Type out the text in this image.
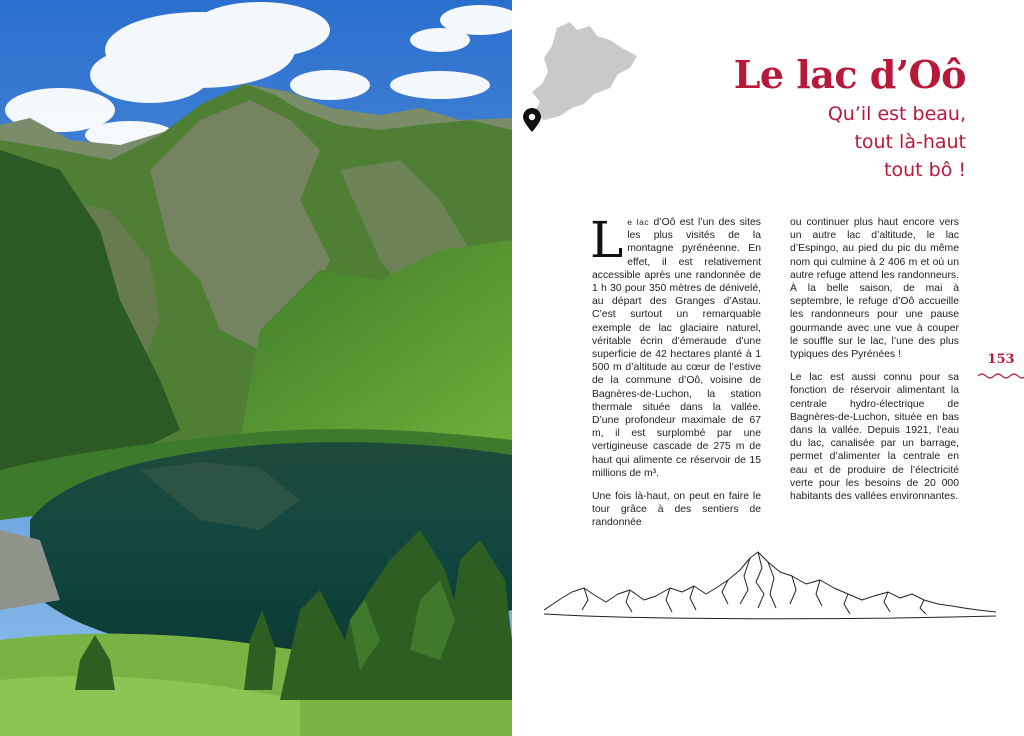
Le lac d’Oô
Qu’il est beau,
tout là-haut
tout bô !

Le lac d’Oô est l’un des sites les plus visités de la montagne pyrénéenne. En effet, il est relativement accessible après une randonnée de 1 h 30 pour 350 mètres de dénivelé, au départ des Granges d’Astau. C’est surtout un remarquable exemple de lac glaciaire naturel, véritable écrin d’émeraude d’une superficie de 42 hectares planté à 1 500 m d’altitude au cœur de l’estive de la commune d’Oô, voisine de Bagnères-de-Luchon, la station thermale située dans la vallée. D’une profondeur maximale de 67 m, il est surplombé par une vertigineuse cascade de 275 m de haut qui alimente ce réservoir de 15 millions de m³.

Une fois là-haut, on peut en faire le tour grâce à des sentiers de randonnée

ou continuer plus haut encore vers un autre lac d’altitude, le lac d’Espingo, au pied du pic du même nom qui culmine à 2 406 m et où un autre refuge attend les randonneurs. À la belle saison, de mai à septembre, le refuge d’Oô accueille les randonneurs pour une pause gourmande avec une vue à couper le souffle sur le lac, l’une des plus typiques des Pyrénées !

Le lac est aussi connu pour sa fonction de réservoir alimentant la centrale hydro-électrique de Bagnères-de-Luchon, située en bas dans la vallée. Depuis 1921, l’eau du lac, canalisée par un barrage, permet d’alimenter la centrale en eau et de produire de l’électricité verte pour les besoins de 20 000 habitants des vallées environnantes.

153
